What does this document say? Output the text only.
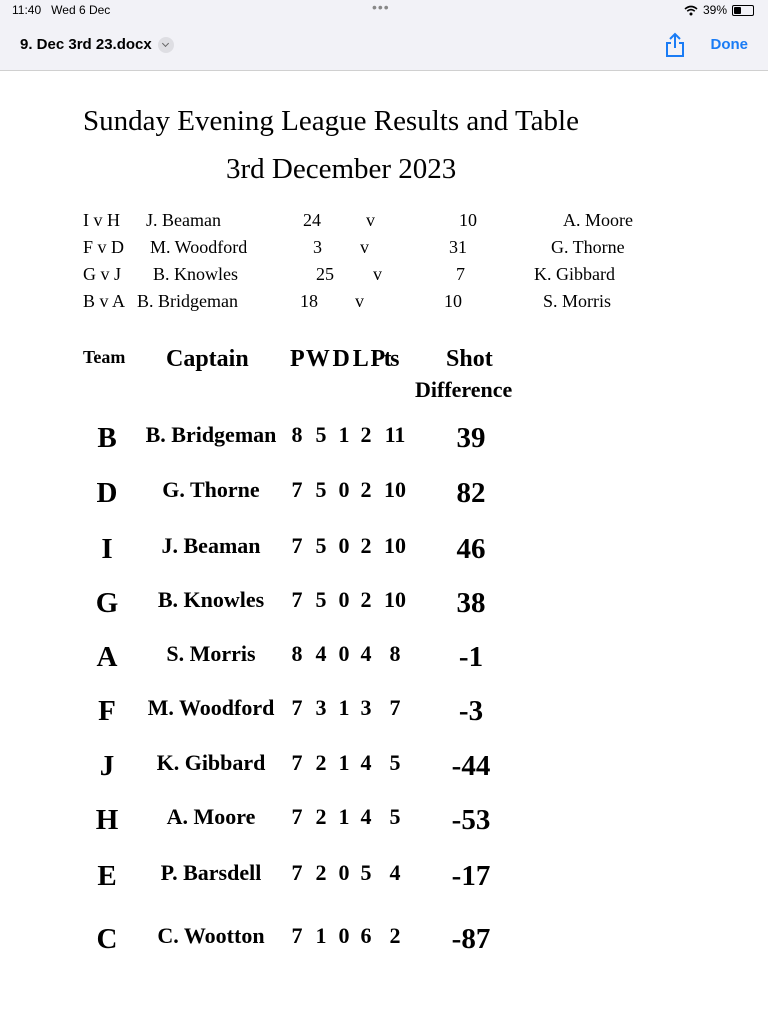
11:40 Wed 6 Dec	•••	39%
9. Dec 3rd 23.docx	Done
Sunday Evening League Results and Table
3rd December 2023
I v H J. Beaman	24	v	10	A. Moore
F v D M. Woodford	3 v	31	G. Thorne
G v J B. Knowles	25 v	7	K. Gibbard
B v A B. Bridgeman	18 v	10	S. Morris
Team Captain P W D L Pts Shot
Difference
B	B. Bridgeman 8 5 1 2 11	39
D	G. Thorne	7 5 0 2 10	82
I	J. Beaman	7 5 0 2 10	46
G	B. Knowles	7 5 0 2 10	38
A	S. Morris	8 4 0 4 8	-1
F	M. Woodford 7 3 1 3 7	-3
J	K. Gibbard	7 2 1 4 5	-44
H	A. Moore	7 2 1 4 5	-53
E	P. Barsdell	7 2 0 5 4	-17
C	C. Wootton	7 1 0 6 2	-87
